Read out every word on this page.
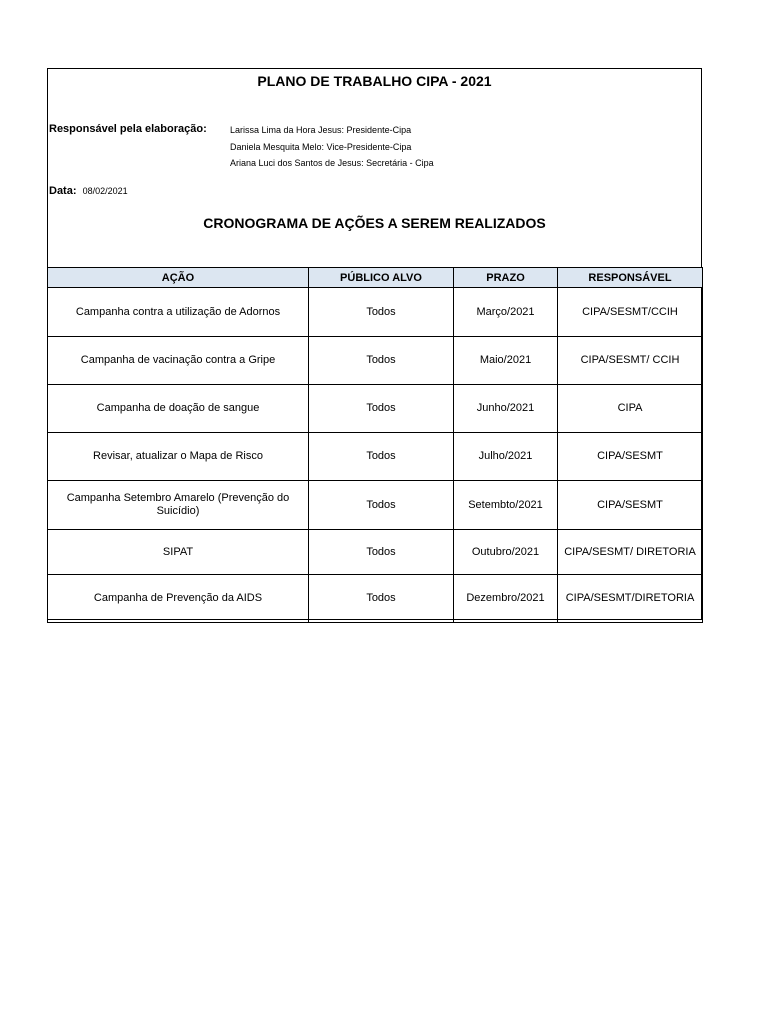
PLANO DE TRABALHO CIPA - 2021
Responsável pela elaboração:	Larissa Lima da Hora Jesus: Presidente-Cipa
Daniela Mesquita Melo: Vice-Presidente-Cipa
Ariana Luci dos Santos de Jesus: Secretária - Cipa
Data: 08/02/2021
CRONOGRAMA DE AÇÕES A SEREM REALIZADOS
AÇÃO	PÚBLICO ALVO	PRAZO	RESPONSÁVEL
Campanha contra a utilização de Adornos	Todos	Março/2021	CIPA/SESMT/CCIH
Campanha de vacinação contra a Gripe	Todos	Maio/2021	CIPA/SESMT/ CCIH
Campanha de doação de sangue	Todos	Junho/2021	CIPA
Revisar, atualizar o Mapa de Risco	Todos	Julho/2021	CIPA/SESMT
Campanha Setembro Amarelo (Prevenção do Suicídio)	Todos	Setembto/2021	CIPA/SESMT
SIPAT	Todos	Outubro/2021	CIPA/SESMT/ DIRETORIA
Campanha de Prevenção da AIDS	Todos	Dezembro/2021	CIPA/SESMT/DIRETORIA
